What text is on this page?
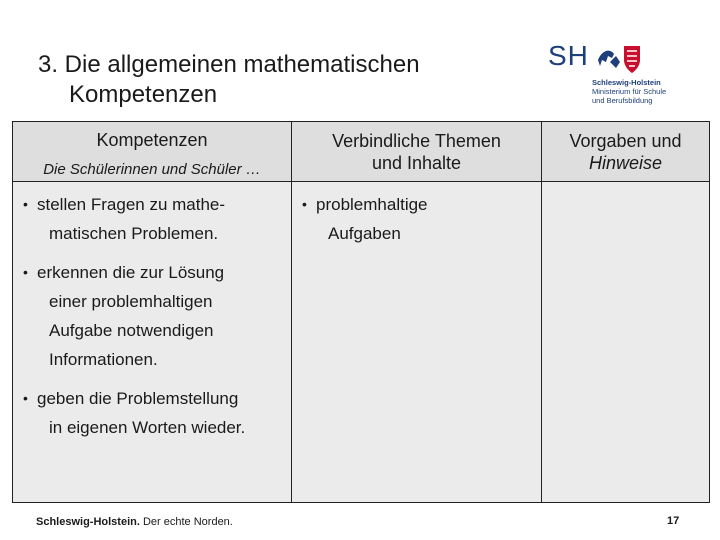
3. Die allgemeinen mathematischen
Kompetenzen
SH
Schleswig-Holstein
Ministerium für Schule
und Berufsbildung
Kompetenzen
Die Schülerinnen und Schüler …
• stellen Fragen zu mathe-
matischen Problemen.
• erkennen die zur Lösung
einer problemhaltigen
Aufgabe notwendigen
Informationen.
• geben die Problemstellung
in eigenen Worten wieder.
Verbindliche Themen
und Inhalte
• problemhaltige
Aufgaben
Vorgaben und
Hinweise
Schleswig-Holstein. Der echte Norden.	17
